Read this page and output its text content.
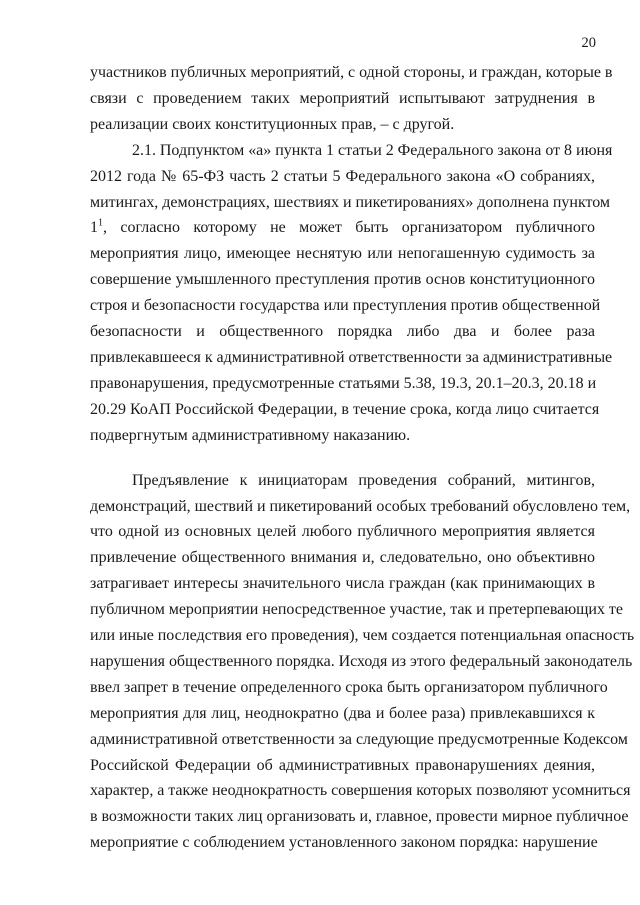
20
участников публичных мероприятий, с одной стороны, и граждан, которые в
связи с проведением таких мероприятий испытывают затруднения в
реализации своих конституционных прав, – с другой.
2.1. Подпунктом «а» пункта 1 статьи 2 Федерального закона от 8 июня
2012 года № 65-ФЗ часть 2 статьи 5 Федерального закона «О собраниях,
митингах, демонстрациях, шествиях и пикетированиях» дополнена пунктом
$1^1$, согласно которому не может быть организатором публичного
мероприятия лицо, имеющее неснятую или непогашенную судимость за
совершение умышленного преступления против основ конституционного
строя и безопасности государства или преступления против общественной
безопасности и общественного порядка либо два и более раза
привлекавшееся к административной ответственности за административные
правонарушения, предусмотренные статьями 5.38, 19.3, 20.1–20.3, 20.18 и
20.29 КоАП Российской Федерации, в течение срока, когда лицо считается
подвергнутым административному наказанию.
Предъявление к инициаторам проведения собраний, митингов,
демонстраций, шествий и пикетирований особых требований обусловлено тем,
что одной из основных целей любого публичного мероприятия является
привлечение общественного внимания и, следовательно, оно объективно
затрагивает интересы значительного числа граждан (как принимающих в
публичном мероприятии непосредственное участие, так и претерпевающих те
или иные последствия его проведения), чем создается потенциальная опасность
нарушения общественного порядка. Исходя из этого федеральный законодатель
ввел запрет в течение определенного срока быть организатором публичного
мероприятия для лиц, неоднократно (два и более раза) привлекавшихся к
административной ответственности за следующие предусмотренные Кодексом
Российской Федерации об административных правонарушениях деяния,
характер, а также неоднократность совершения которых позволяют усомниться
в возможности таких лиц организовать и, главное, провести мирное публичное
мероприятие с соблюдением установленного законом порядка: нарушение
